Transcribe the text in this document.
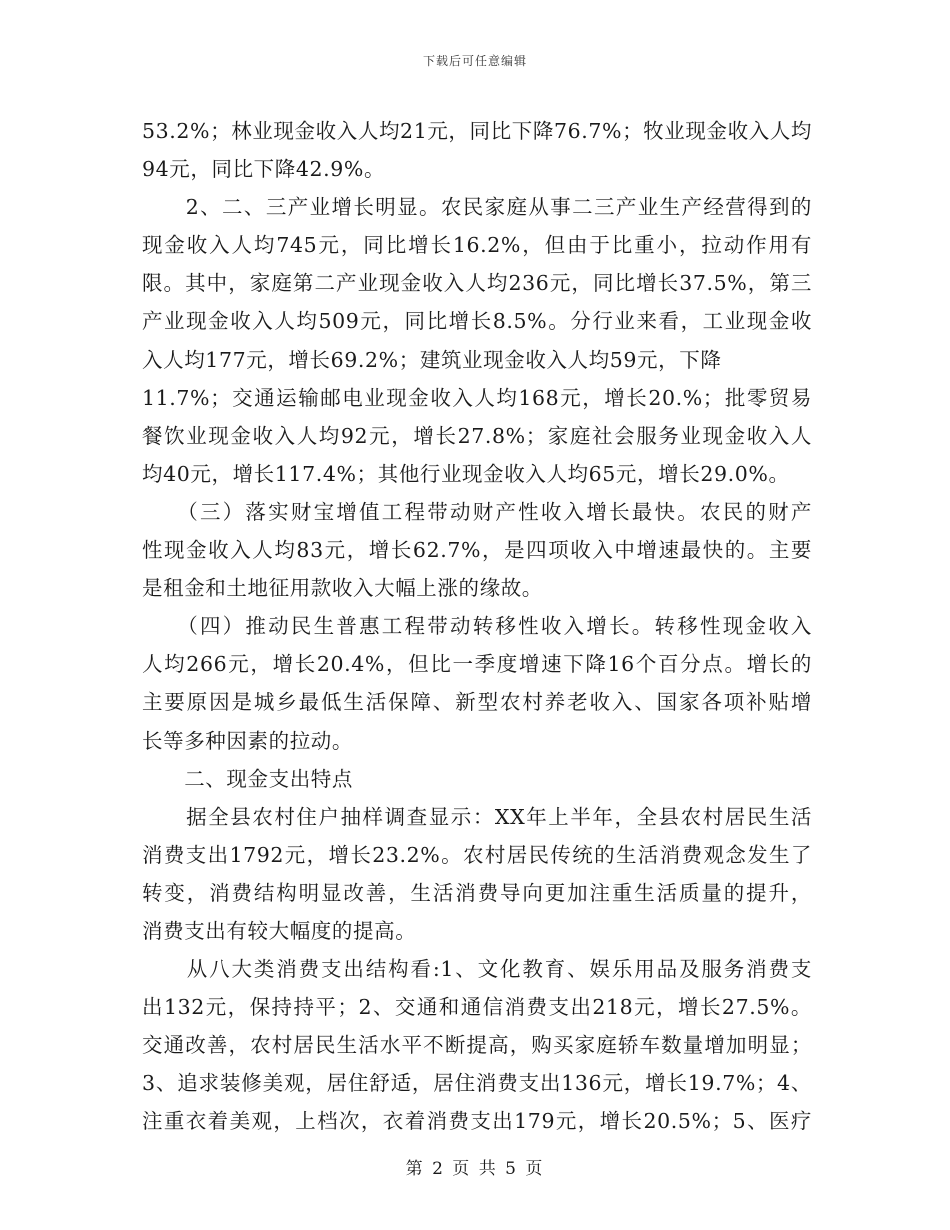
下载后可任意编辑
53.2%；林业现金收入人均21元，同比下降76.7%；牧业现金收入人均
94元，同比下降42.9%。
　　2、二、三产业增长明显。农民家庭从事二三产业生产经营得到的
现金收入人均745元，同比增长16.2%，但由于比重小，拉动作用有
限。其中，家庭第二产业现金收入人均236元，同比增长37.5%，第三
产业现金收入人均509元，同比增长8.5%。分行业来看，工业现金收
入人均177元，增长69.2%；建筑业现金收入人均59元，下降
11.7%；交通运输邮电业现金收入人均168元，增长20.%；批零贸易
餐饮业现金收入人均92元，增长27.8%；家庭社会服务业现金收入人
均40元，增长117.4%；其他行业现金收入人均65元，增长29.0%。
　　（三）落实财宝增值工程带动财产性收入增长最快。农民的财产
性现金收入人均83元，增长62.7%，是四项收入中增速最快的。主要
是租金和土地征用款收入大幅上涨的缘故。
　　（四）推动民生普惠工程带动转移性收入增长。转移性现金收入
人均266元，增长20.4%，但比一季度增速下降16个百分点。增长的
主要原因是城乡最低生活保障、新型农村养老收入、国家各项补贴增
长等多种因素的拉动。
　　二、现金支出特点
　　据全县农村住户抽样调查显示：XX年上半年，全县农村居民生活
消费支出1792元，增长23.2%。农村居民传统的生活消费观念发生了
转变，消费结构明显改善，生活消费导向更加注重生活质量的提升，
消费支出有较大幅度的提高。
　　从八大类消费支出结构看:1、文化教育、娱乐用品及服务消费支
出132元，保持持平；2、交通和通信消费支出218元，增长27.5%。
交通改善，农村居民生活水平不断提高，购买家庭轿车数量增加明显；
3、追求装修美观，居住舒适，居住消费支出136元，增长19.7%；4、
注重衣着美观，上档次，衣着消费支出179元，增长20.5%；5、医疗
第 2 页 共 5 页
